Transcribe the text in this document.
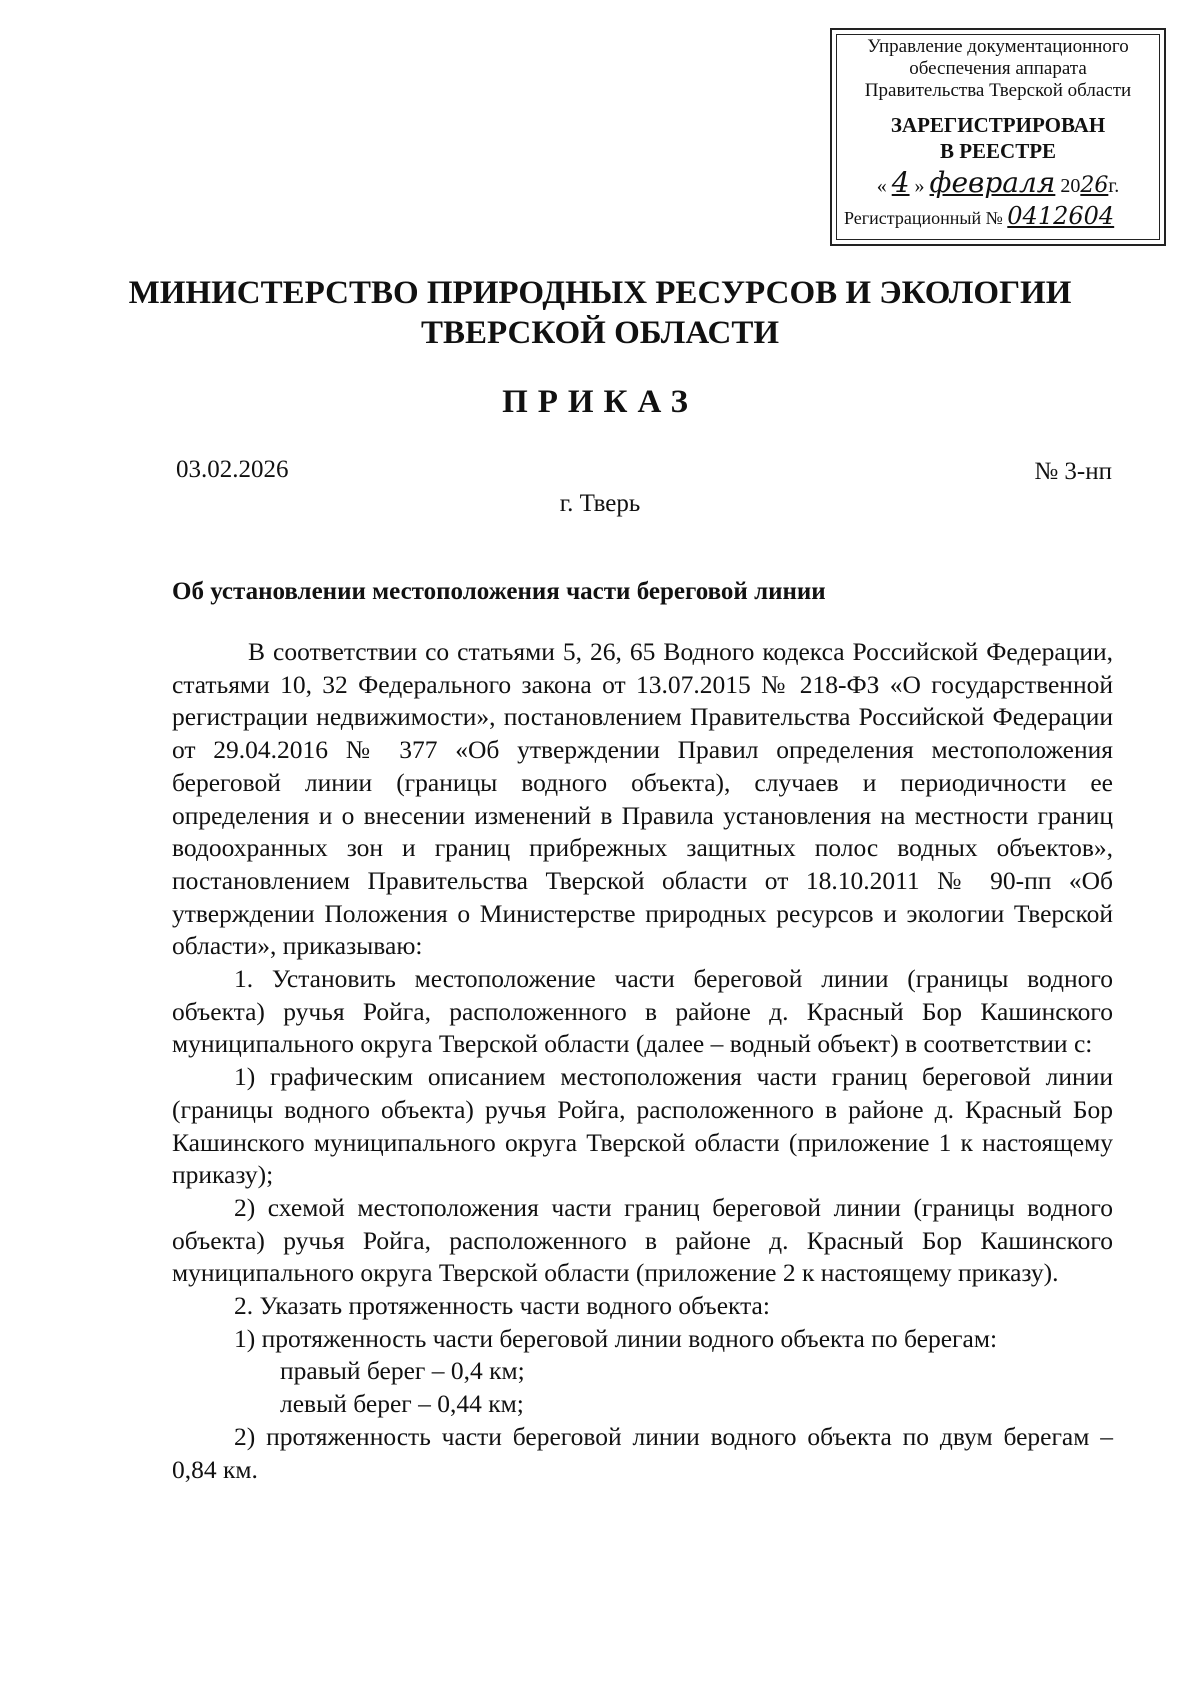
Управление документационного
обеспечения аппарата
Правительства Тверской области
ЗАРЕГИСТРИРОВАН
В РЕЕСТРЕ
« 4 » февраля 2026г.
Регистрационный № 0412604
МИНИСТЕРСТВО ПРИРОДНЫХ РЕСУРСОВ И ЭКОЛОГИИ
ТВЕРСКОЙ ОБЛАСТИ
ПРИКАЗ
03.02.2026	№ 3-нп
г. Тверь
Об установлении местоположения части береговой линии

В соответствии со статьями 5, 26, 65 Водного кодекса Российской Федерации, статьями 10, 32 Федерального закона от 13.07.2015 № 218-ФЗ «О государственной регистрации недвижимости», постановлением Правительства Российской Федерации от 29.04.2016 № 377 «Об утверждении Правил определения местоположения береговой линии (границы водного объекта), случаев и периодичности ее определения и о внесении изменений в Правила установления на местности границ водоохранных зон и границ прибрежных защитных полос водных объектов», постановлением Правительства Тверской области от 18.10.2011 № 90-пп «Об утверждении Положения о Министерстве природных ресурсов и экологии Тверской области», приказываю:

1. Установить местоположение части береговой линии (границы водного объекта) ручья Ройга, расположенного в районе д. Красный Бор Кашинского муниципального округа Тверской области (далее – водный объект) в соответствии с:

1) графическим описанием местоположения части границ береговой линии (границы водного объекта) ручья Ройга, расположенного в районе д. Красный Бор Кашинского муниципального округа Тверской области (приложение 1 к настоящему приказу);

2) схемой местоположения части границ береговой линии (границы водного объекта) ручья Ройга, расположенного в районе д. Красный Бор Кашинского муниципального округа Тверской области (приложение 2 к настоящему приказу).

2. Указать протяженность части водного объекта:

1) протяженность части береговой линии водного объекта по берегам:

правый берег – 0,4 км;

левый берег – 0,44 км;

2) протяженность части береговой линии водного объекта по двум берегам – 0,84 км.
